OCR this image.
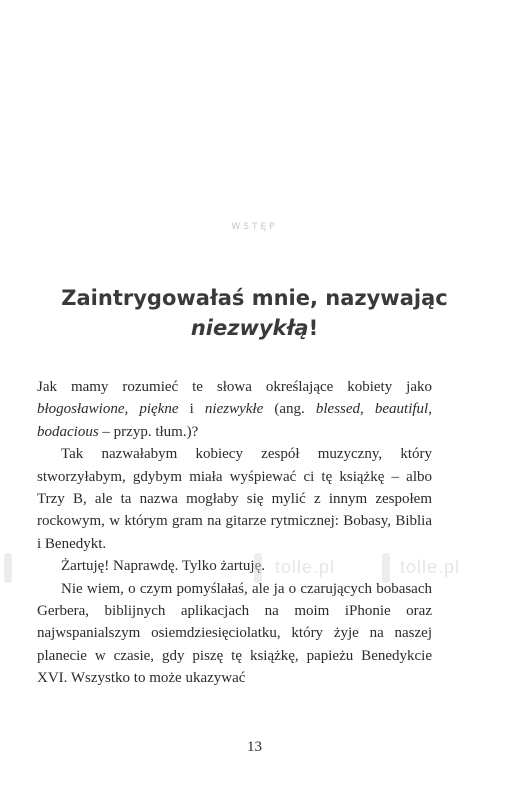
WSTĘP
Zaintrygowałaś mnie, nazywając
niezwykłą!

Jak mamy rozumieć te słowa określające kobiety jako błogosławione, piękne i niezwykłe (ang. blessed, beautiful, bodacious – przyp. tłum.)?

Tak nazwałabym kobiecy zespół muzyczny, który stworzyłabym, gdybym miała wyśpiewać ci tę książkę – albo Trzy B, ale ta nazwa mogłaby się mylić z innym zespołem rockowym, w którym gram na gitarze rytmicznej: Bobasy, Biblia i Benedykt.

Żartuję! Naprawdę. Tylko żartuję.

Nie wiem, o czym pomyślałaś, ale ja o czarujących bobasach Gerbera, biblijnych aplikacjach na moim iPhonie oraz najwspanialszym osiemdziesięciolatku, który żyje na naszej planecie w czasie, gdy piszę tę książkę, papieżu Benedykcie XVI. Wszystko to może ukazywać

tolle.pl	tolle.pl
13
